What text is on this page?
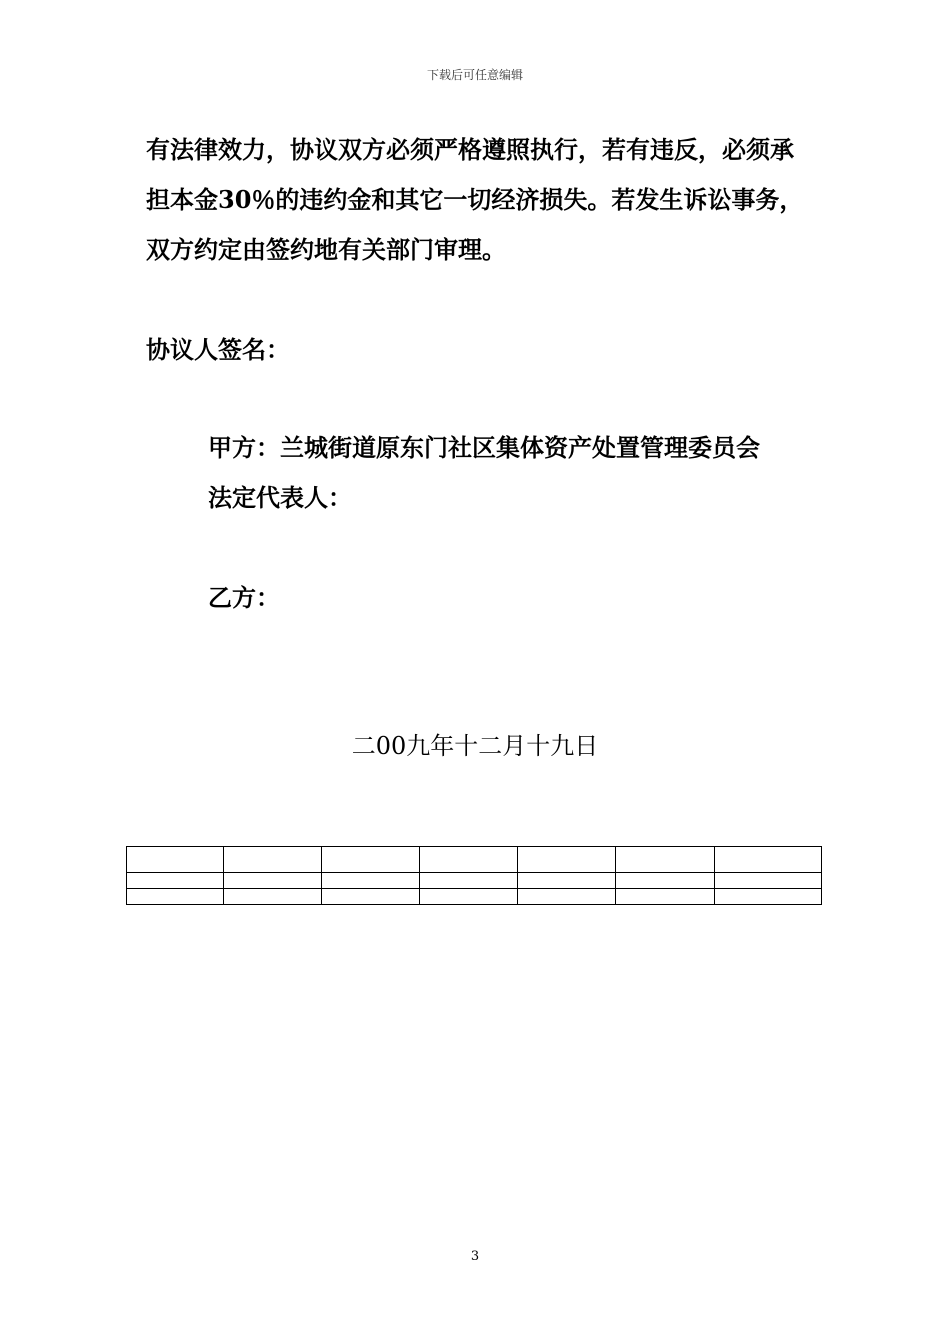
下载后可任意编辑

有法律效力，协议双方必须严格遵照执行，若有违反，必须承担本金30％的违约金和其它一切经济损失。若发生诉讼事务，双方约定由签约地有关部门审理。

协议人签名：
甲方：兰城街道原东门社区集体资产处置管理委员会
法定代表人：
乙方：
二00九年十二月十九日

3
